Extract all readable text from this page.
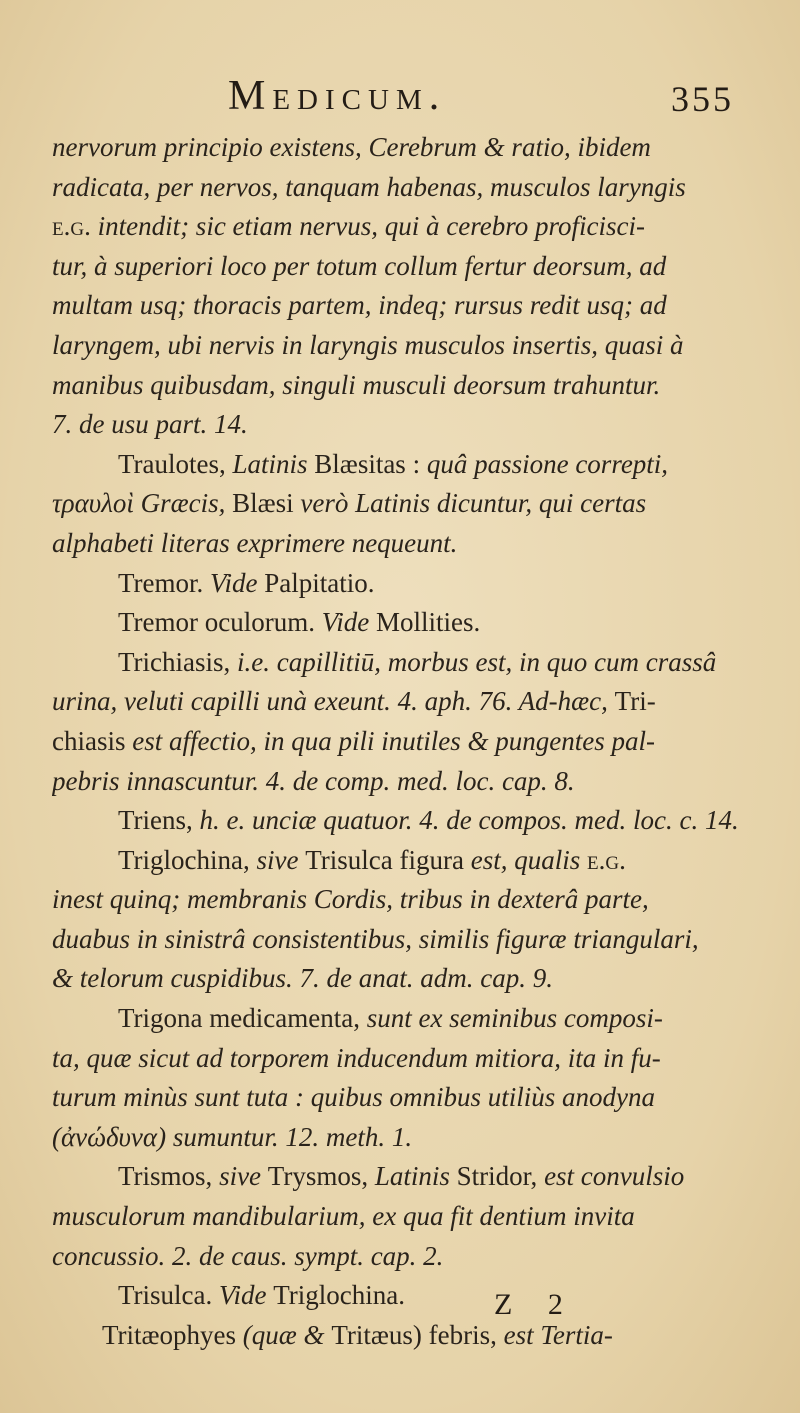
Medicum.	355
nervorum principio existens, Cerebrum & ratio, ibidem
radicata, per nervos, tanquam habenas, musculos laryngis
e.g. intendit; sic etiam nervus, qui à cerebro proficisci-
tur, à superiori loco per totum collum fertur deorsum, ad
multam usq; thoracis partem, indeq; rursus redit usq; ad
laryngem, ubi nervis in laryngis musculos insertis, quasi à
manibus quibusdam, singuli musculi deorsum trahuntur.
7. de usu part. 14.
Traulotes, Latinis Blæsitas : quâ passione correpti,
τραυλοὶ Græcis, Blæsi verò Latinis dicuntur, qui certas
alphabeti literas exprimere nequeunt.
Tremor. Vide Palpitatio.
Tremor oculorum. Vide Mollities.
Trichiasis, i.e. capillitiū, morbus est, in quo cum crassâ
urina, veluti capilli unà exeunt. 4. aph. 76. Ad-hæc, Tri-
chiasis est affectio, in qua pili inutiles & pungentes pal-
pebris innascuntur. 4. de comp. med. loc. cap. 8.
Triens, h. e. unciæ quatuor. 4. de compos. med. loc. c. 14.
Triglochina, sive Trisulca figura est, qualis e.g.
inest quinq; membranis Cordis, tribus in dexterâ parte,
duabus in sinistrâ consistentibus, similis figuræ triangulari,
& telorum cuspidibus. 7. de anat. adm. cap. 9.
Trigona medicamenta, sunt ex seminibus composi-
ta, quæ sicut ad torporem inducendum mitiora, ita in fu-
turum minùs sunt tuta : quibus omnibus utiliùs anodyna
(ἀνώδυνα) sumuntur. 12. meth. 1.
Trismos, sive Trysmos, Latinis Stridor, est convulsio
musculorum mandibularium, ex qua fit dentium invita
concussio. 2. de caus. sympt. cap. 2.
Trisulca. Vide Triglochina.
Tritæophyes (quæ & Tritæus) febris, est Tertia-
Z 2
